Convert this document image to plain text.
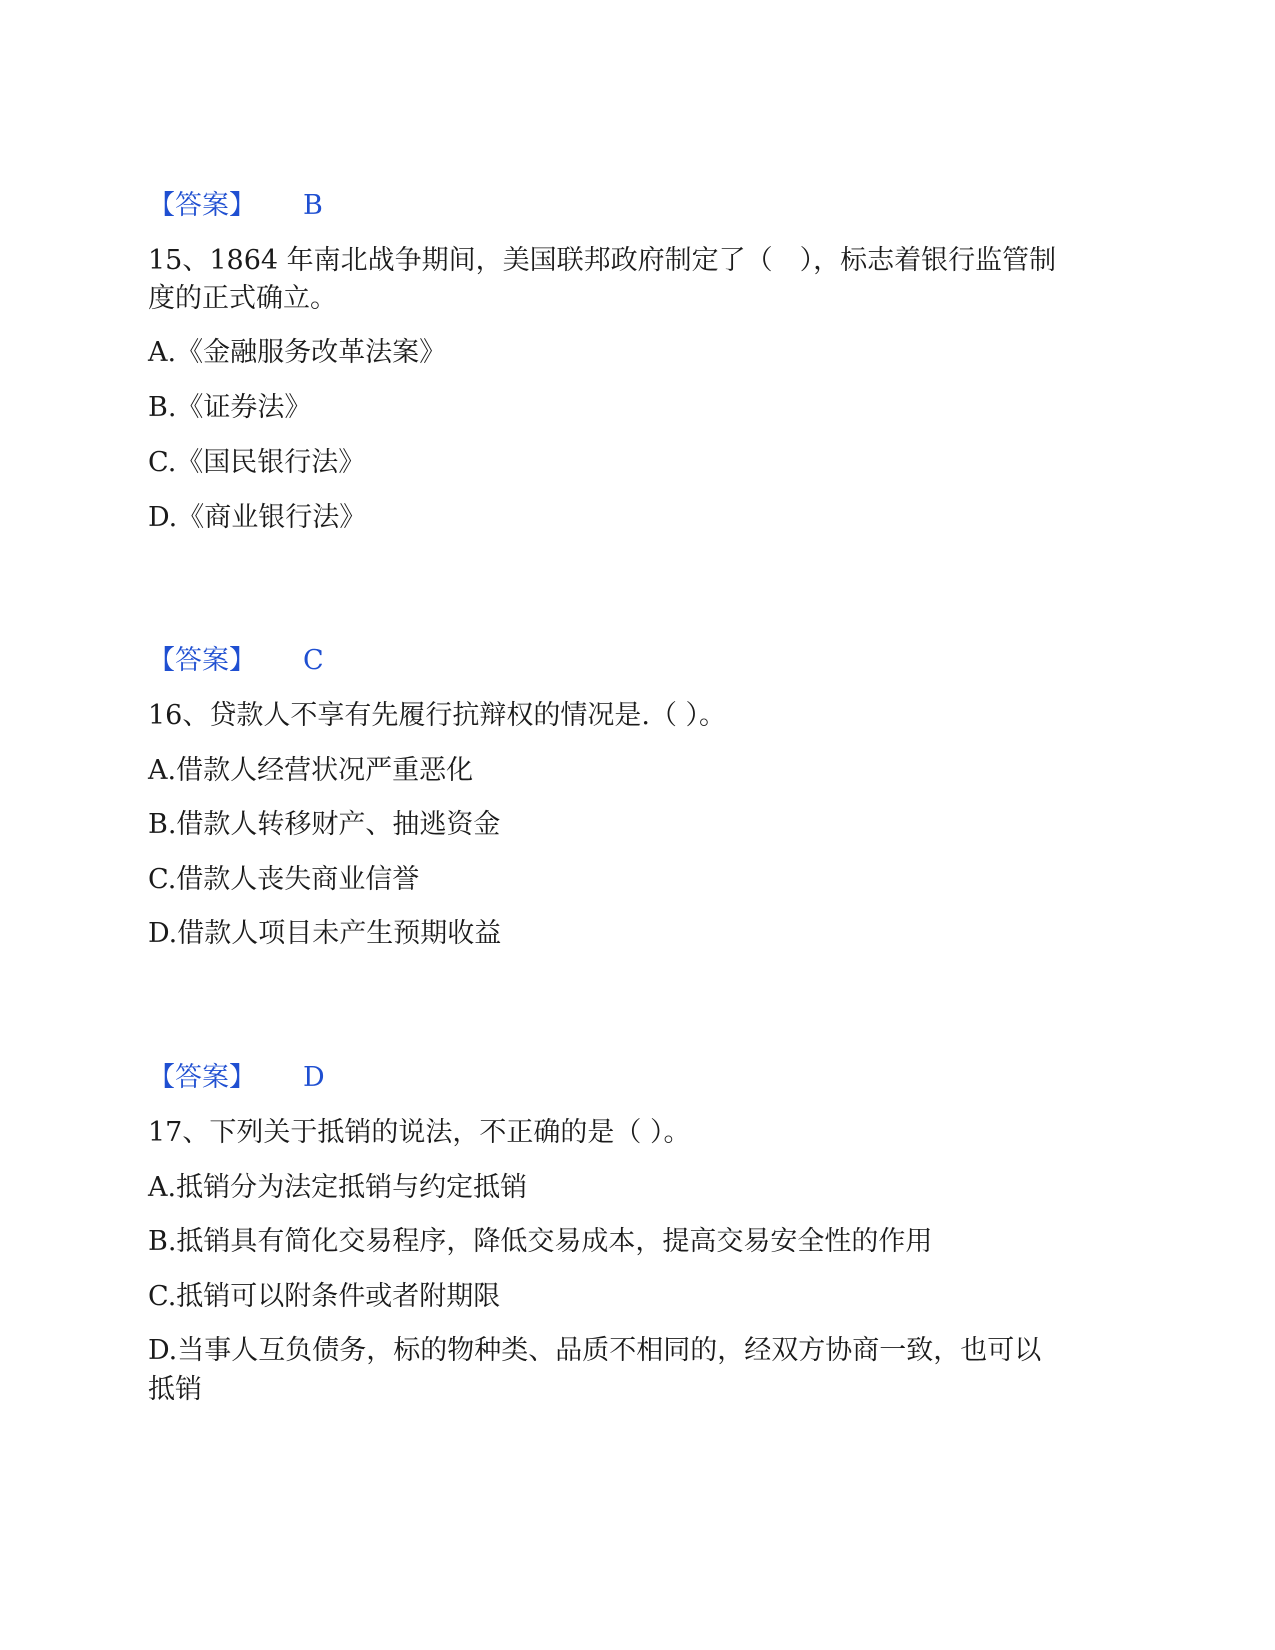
【答案】 B
15、1864 年南北战争期间，美国联邦政府制定了（　），标志着银行监管制
度的正式确立。
A.《金融服务改革法案》
B.《证券法》
C.《国民银行法》
D.《商业银行法》
【答案】 C
16、贷款人不享有先履行抗辩权的情况是.（ ）。
A.借款人经营状况严重恶化
B.借款人转移财产、抽逃资金
C.借款人丧失商业信誉
D.借款人项目未产生预期收益
【答案】 D
17、下列关于抵销的说法，不正确的是（ ）。
A.抵销分为法定抵销与约定抵销
B.抵销具有简化交易程序，降低交易成本，提高交易安全性的作用
C.抵销可以附条件或者附期限
D.当事人互负债务，标的物种类、品质不相同的，经双方协商一致，也可以
抵销
